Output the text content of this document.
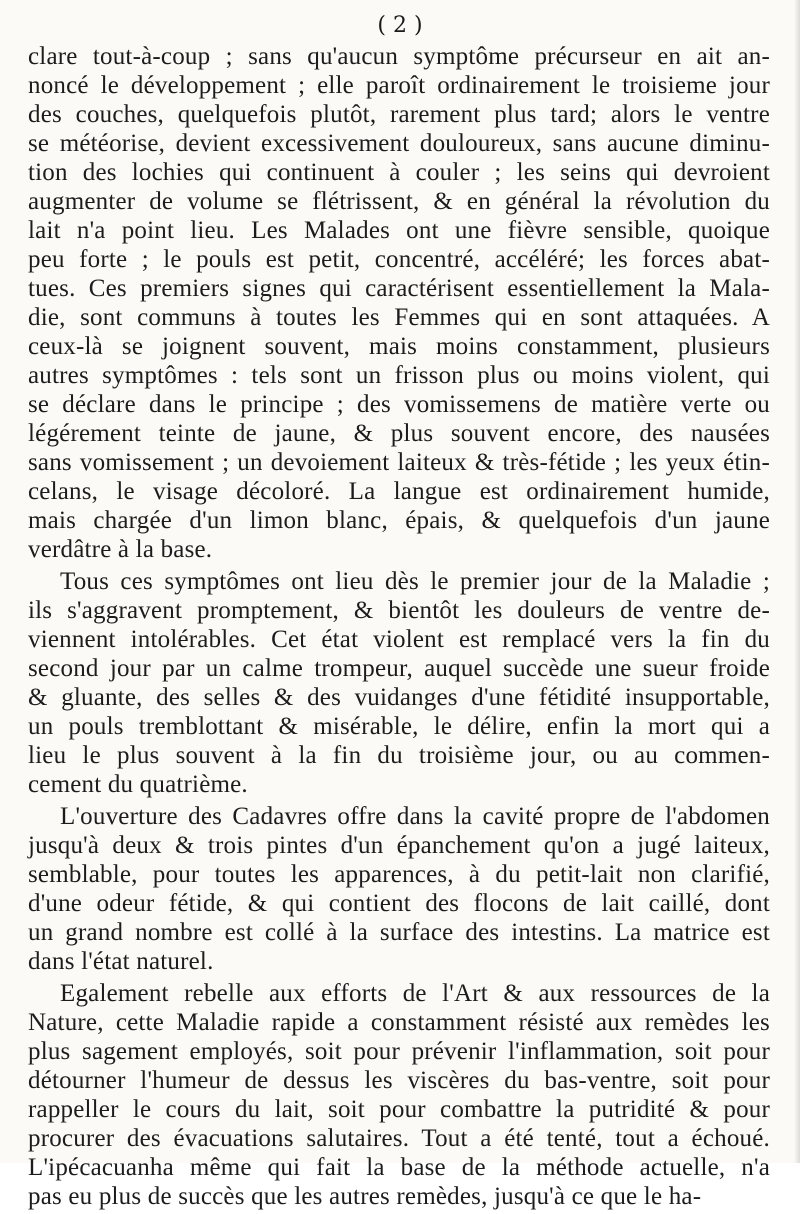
( 2 )
clare tout-à-coup ; sans qu'aucun symptôme précurseur en ait an-
noncé le développement ; elle paroît ordinairement le troisieme jour
des couches, quelquefois plutôt, rarement plus tard; alors le ventre
se météorise, devient excessivement douloureux, sans aucune diminu-
tion des lochies qui continuent à couler ; les seins qui devroient
augmenter de volume se flétrissent, & en général la révolution du
lait n'a point lieu. Les Malades ont une fièvre sensible, quoique
peu forte ; le pouls est petit, concentré, accéléré; les forces abat-
tues. Ces premiers signes qui caractérisent essentiellement la Mala-
die, sont communs à toutes les Femmes qui en sont attaquées. A
ceux-là se joignent souvent, mais moins constamment, plusieurs
autres symptômes : tels sont un frisson plus ou moins violent, qui
se déclare dans le principe ; des vomissemens de matière verte ou
légérement teinte de jaune, & plus souvent encore, des nausées
sans vomissement ; un devoiement laiteux & très-fétide ; les yeux étin-
celans, le visage décoloré. La langue est ordinairement humide,
mais chargée d'un limon blanc, épais, & quelquefois d'un jaune
verdâtre à la base.
Tous ces symptômes ont lieu dès le premier jour de la Maladie ;
ils s'aggravent promptement, & bientôt les douleurs de ventre de-
viennent intolérables. Cet état violent est remplacé vers la fin du
second jour par un calme trompeur, auquel succède une sueur froide
& gluante, des selles & des vuidanges d'une fétidité insupportable,
un pouls tremblottant & misérable, le délire, enfin la mort qui a
lieu le plus souvent à la fin du troisième jour, ou au commen-
cement du quatrième.
L'ouverture des Cadavres offre dans la cavité propre de l'abdomen
jusqu'à deux & trois pintes d'un épanchement qu'on a jugé laiteux,
semblable, pour toutes les apparences, à du petit-lait non clarifié,
d'une odeur fétide, & qui contient des flocons de lait caillé, dont
un grand nombre est collé à la surface des intestins. La matrice est
dans l'état naturel.
Egalement rebelle aux efforts de l'Art & aux ressources de la
Nature, cette Maladie rapide a constamment résisté aux remèdes les
plus sagement employés, soit pour prévenir l'inflammation, soit pour
détourner l'humeur de dessus les viscères du bas-ventre, soit pour
rappeller le cours du lait, soit pour combattre la putridité & pour
procurer des évacuations salutaires. Tout a été tenté, tout a échoué.
L'ipécacuanha même qui fait la base de la méthode actuelle, n'a
pas eu plus de succès que les autres remèdes, jusqu'à ce que le ha-
